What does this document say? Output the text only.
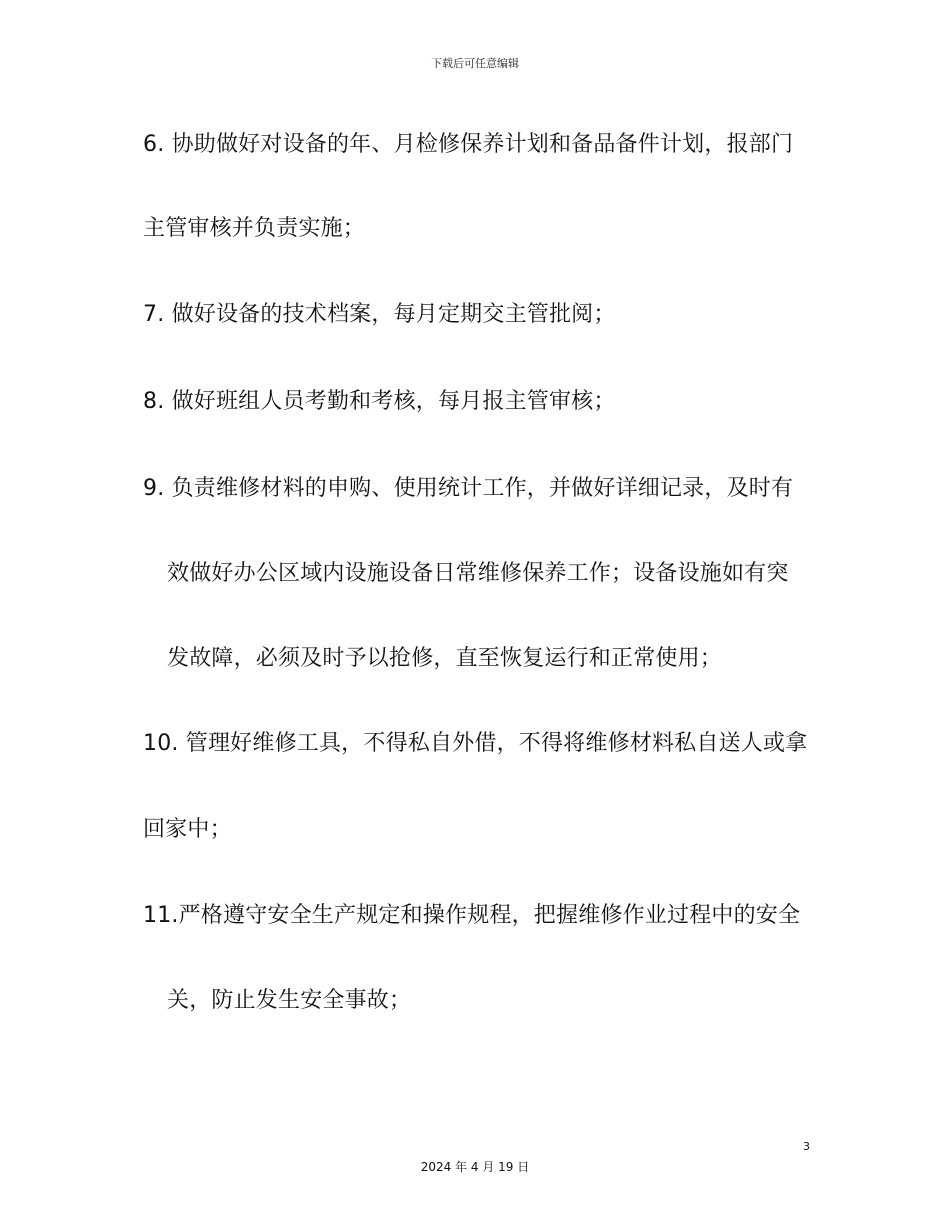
下载后可任意编辑
6. 协助做好对设备的年、月检修保养计划和备品备件计划，报部门
主管审核并负责实施；
7. 做好设备的技术档案，每月定期交主管批阅；
8. 做好班组人员考勤和考核，每月报主管审核；
9. 负责维修材料的申购、使用统计工作，并做好详细记录，及时有
效做好办公区域内设施设备日常维修保养工作；设备设施如有突
发故障，必须及时予以抢修，直至恢复运行和正常使用；
10. 管理好维修工具，不得私自外借，不得将维修材料私自送人或拿
回家中；
11.严格遵守安全生产规定和操作规程，把握维修作业过程中的安全
关，防止发生安全事故；
3
2024 年 4 月 19 日
